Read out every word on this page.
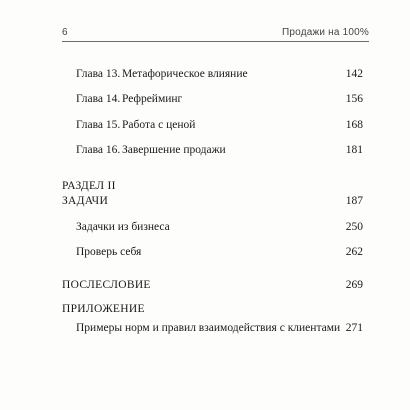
6	Продажи на 100%
Глава 13. Метафорическое влияние	142
Глава 14. Рефрейминг	156
Глава 15. Работа с ценой	168
Глава 16. Завершение продажи	181
РАЗДЕЛ II
ЗАДАЧИ	187
Задачки из бизнеса	250
Проверь себя	262
ПОСЛЕСЛОВИЕ	269
ПРИЛОЖЕНИЕ
Примеры норм и правил взаимодействия с клиентами 271
